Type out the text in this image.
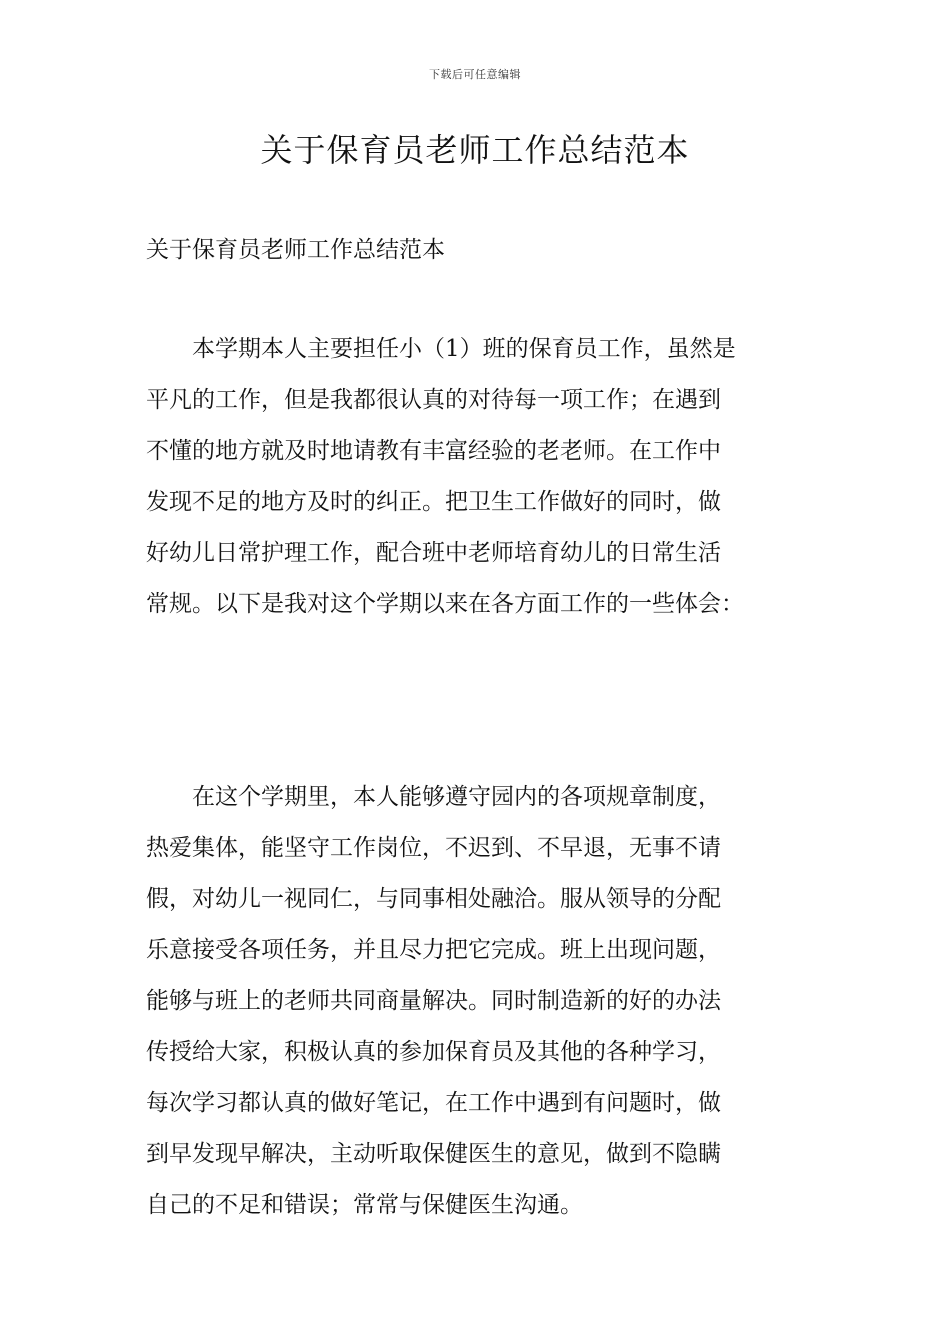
下载后可任意编辑
关于保育员老师工作总结范本

关于保育员老师工作总结范本

本学期本人主要担任小（1）班的保育员工作，虽然是
平凡的工作，但是我都很认真的对待每一项工作；在遇到
不懂的地方就及时地请教有丰富经验的老老师。在工作中
发现不足的地方及时的纠正。把卫生工作做好的同时，做
好幼儿日常护理工作，配合班中老师培育幼儿的日常生活
常规。以下是我对这个学期以来在各方面工作的一些体会：
在这个学期里，本人能够遵守园内的各项规章制度，
热爱集体，能坚守工作岗位，不迟到、不早退，无事不请
假，对幼儿一视同仁，与同事相处融洽。服从领导的分配
乐意接受各项任务，并且尽力把它完成。班上出现问题，
能够与班上的老师共同商量解决。同时制造新的好的办法
传授给大家，积极认真的参加保育员及其他的各种学习，
每次学习都认真的做好笔记，在工作中遇到有问题时，做
到早发现早解决，主动听取保健医生的意见，做到不隐瞒
自己的不足和错误；常常与保健医生沟通。
